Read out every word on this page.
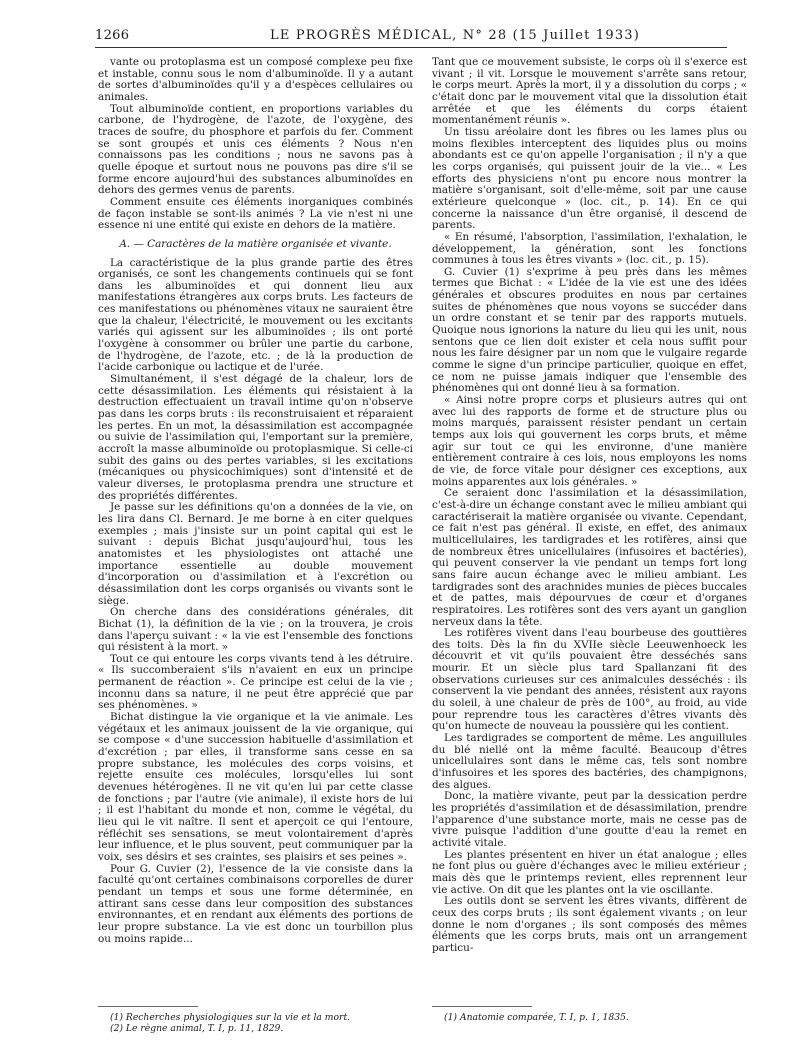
1266	LE PROGRÈS MÉDICAL, N° 28 (15 Juillet 1933)

vante ou protoplasma est un composé complexe peu fixe et instable, connu sous le nom d'albuminoïde. Il y a autant de sortes d'albuminoïdes qu'il y a d'espèces cellulaires ou animales.

Tout albuminoïde contient, en proportions variables du carbone, de l'hydrogène, de l'azote, de l'oxygène, des traces de soufre, du phosphore et parfois du fer. Comment se sont groupés et unis ces éléments ? Nous n'en connaissons pas les conditions ; nous ne savons pas à quelle époque et surtout nous ne pouvons pas dire s'il se forme encore aujourd'hui des substances albuminoïdes en dehors des germes venus de parents.

Comment ensuite ces éléments inorganiques combinés de façon instable se sont-ils animés ? La vie n'est ni une essence ni une entité qui existe en dehors de la matière.

A. — Caractères de la matière organisée et vivante.

La caractéristique de la plus grande partie des êtres organisés, ce sont les changements continuels qui se font dans les albuminoïdes et qui donnent lieu aux manifestations étrangères aux corps bruts. Les facteurs de ces manifestations ou phénomènes vitaux ne sauraient être que la chaleur, l'électricité, le mouvement ou les excitants variés qui agissent sur les albuminoïdes ; ils ont porté l'oxygène à consommer ou brûler une partie du carbone, de l'hydrogène, de l'azote, etc. ; de là la production de l'acide carbonique ou lactique et de l'urée.

Simultanément, il s'est dégagé de la chaleur, lors de cette désassimilation. Les éléments qui résistaient à la destruction effectuaient un travail intime qu'on n'observe pas dans les corps bruts : ils reconstruisaient et réparaient les pertes. En un mot, la désassimilation est accompagnée ou suivie de l'assimilation qui, l'emportant sur la première, accroît la masse albuminoïde ou protoplasmique. Si celle-ci subit des gains ou des pertes variables, si les excitations (mécaniques ou physicochimiques) sont d'intensité et de valeur diverses, le protoplasma prendra une structure et des propriétés différentes.

Je passe sur les définitions qu'on a données de la vie, on les lira dans Cl. Bernard. Je me borne à en citer quelques exemples ; mais j'insiste sur un point capital qui est le suivant : depuis Bichat jusqu'aujourd'hui, tous les anatomistes et les physiologistes ont attaché une importance essentielle au double mouvement d'incorporation ou d'assimilation et à l'excrétion ou désassimilation dont les corps organisés ou vivants sont le siège.

On cherche dans des considérations générales, dit Bichat (1), la définition de la vie ; on la trouvera, je crois dans l'aperçu suivant : « la vie est l'ensemble des fonctions qui résistent à la mort. »

Tout ce qui entoure les corps vivants tend à les détruire. « Ils succomberaient s'ils n'avaient en eux un principe permanent de réaction ». Ce principe est celui de la vie ; inconnu dans sa nature, il ne peut être apprécié que par ses phénomènes. »

Bichat distingue la vie organique et la vie animale. Les végétaux et les animaux jouissent de la vie organique, qui se compose « d'une succession habituelle d'assimilation et d'excrétion ; par elles, il transforme sans cesse en sa propre substance, les molécules des corps voisins, et rejette ensuite ces molécules, lorsqu'elles lui sont devenues hétérogènes. Il ne vit qu'en lui par cette classe de fonctions ; par l'autre (vie animale), il existe hors de lui ; il est l'habitant du monde et non, comme le végétal, du lieu qui le vit naître. Il sent et aperçoit ce qui l'entoure, réfléchit ses sensations, se meut volontairement d'après leur influence, et le plus souvent, peut communiquer par la voix, ses désirs et ses craintes, ses plaisirs et ses peines ».

Pour G. Cuvier (2), l'essence de la vie consiste dans la faculté qu'ont certaines combinaisons corporelles de durer pendant un temps et sous une forme déterminée, en attirant sans cesse dans leur composition des substances environnantes, et en rendant aux éléments des portions de leur propre substance. La vie est donc un tourbillon plus ou moins rapide...

Tant que ce mouvement subsiste, le corps où il s'exerce est vivant ; il vit. Lorsque le mouvement s'arrête sans retour, le corps meurt. Après la mort, il y a dissolution du corps ; « c'était donc par le mouvement vital que la dissolution était arrêtée et que les éléments du corps étaient momentanément réunis ».

Un tissu aréolaire dont les fibres ou les lames plus ou moins flexibles interceptent des liquides plus ou moins abondants est ce qu'on appelle l'organisation ; il n'y a que les corps organisés, qui puissent jouir de la vie... « Les efforts des physiciens n'ont pu encore nous montrer la matière s'organisant, soit d'elle-même, soit par une cause extérieure quelconque » (loc. cit., p. 14). En ce qui concerne la naissance d'un être organisé, il descend de parents.

« En résumé, l'absorption, l'assimilation, l'exhalation, le développement, la génération, sont les fonctions communes à tous les êtres vivants » (loc. cit., p. 15).

G. Cuvier (1) s'exprime à peu près dans les mêmes termes que Bichat : « L'idée de la vie est une des idées générales et obscures produites en nous par certaines suites de phénomènes que nous voyons se succéder dans un ordre constant et se tenir par des rapports mutuels. Quoique nous ignorions la nature du lieu qui les unit, nous sentons que ce lien doit exister et cela nous suffit pour nous les faire désigner par un nom que le vulgaire regarde comme le signe d'un principe particulier, quoique en effet, ce nom ne puisse jamais indiquer que l'ensemble des phénomènes qui ont donné lieu à sa formation.

« Ainsi notre propre corps et plusieurs autres qui ont avec lui des rapports de forme et de structure plus ou moins marqués, paraissent résister pendant un certain temps aux lois qui gouvernent les corps bruts, et même agir sur tout ce qui les environne, d'une manière entièrement contraire à ces lois, nous employons les noms de vie, de force vitale pour désigner ces exceptions, aux moins apparentes aux lois générales. »

Ce seraient donc l'assimilation et la désassimilation, c'est-à-dire un échange constant avec le milieu ambiant qui caractériserait la matière organisée ou vivante. Cependant, ce fait n'est pas général. Il existe, en effet, des animaux multicellulaires, les tardigrades et les rotifères, ainsi que de nombreux êtres unicellulaires (infusoires et bactéries), qui peuvent conserver la vie pendant un temps fort long sans faire aucun échange avec le milieu ambiant. Les tardigrades sont des arachnides munies de pièces buccales et de pattes, mais dépourvues de cœur et d'organes respiratoires. Les rotifères sont des vers ayant un ganglion nerveux dans la tête.

Les rotifères vivent dans l'eau bourbeuse des gouttières des toits. Dès la fin du XVIIe siècle Leeuwenhoeck les découvrit et vit qu'ils pouvaient être desséchés sans mourir. Et un siècle plus tard Spallanzani fit des observations curieuses sur ces animalcules desséchés : ils conservent la vie pendant des années, résistent aux rayons du soleil, à une chaleur de près de 100°, au froid, au vide pour reprendre tous les caractères d'êtres vivants dès qu'on humecte de nouveau la poussière qui les contient.

Les tardigrades se comportent de même. Les anguillules du blé niellé ont la même faculté. Beaucoup d'êtres unicellulaires sont dans le même cas, tels sont nombre d'infusoires et les spores des bactéries, des champignons, des algues.

Donc, la matière vivante, peut par la dessication perdre les propriétés d'assimilation et de désassimilation, prendre l'apparence d'une substance morte, mais ne cesse pas de vivre puisque l'addition d'une goutte d'eau la remet en activité vitale.

Les plantes présentent en hiver un état analogue ; elles ne font plus ou guère d'échanges avec le milieu extérieur ; mais dès que le printemps revient, elles reprennent leur vie active. On dit que les plantes ont la vie oscillante.

Les outils dont se servent les êtres vivants, diffèrent de ceux des corps bruts ; ils sont également vivants ; on leur donne le nom d'organes ; ils sont composés des mêmes éléments que les corps bruts, mais ont un arrangement particu-

(1) Recherches physiologiques sur la vie et la mort.
(2) Le règne animal, T. I, p. 11, 1829.
(1) Anatomie comparée, T. I, p. 1, 1835.
